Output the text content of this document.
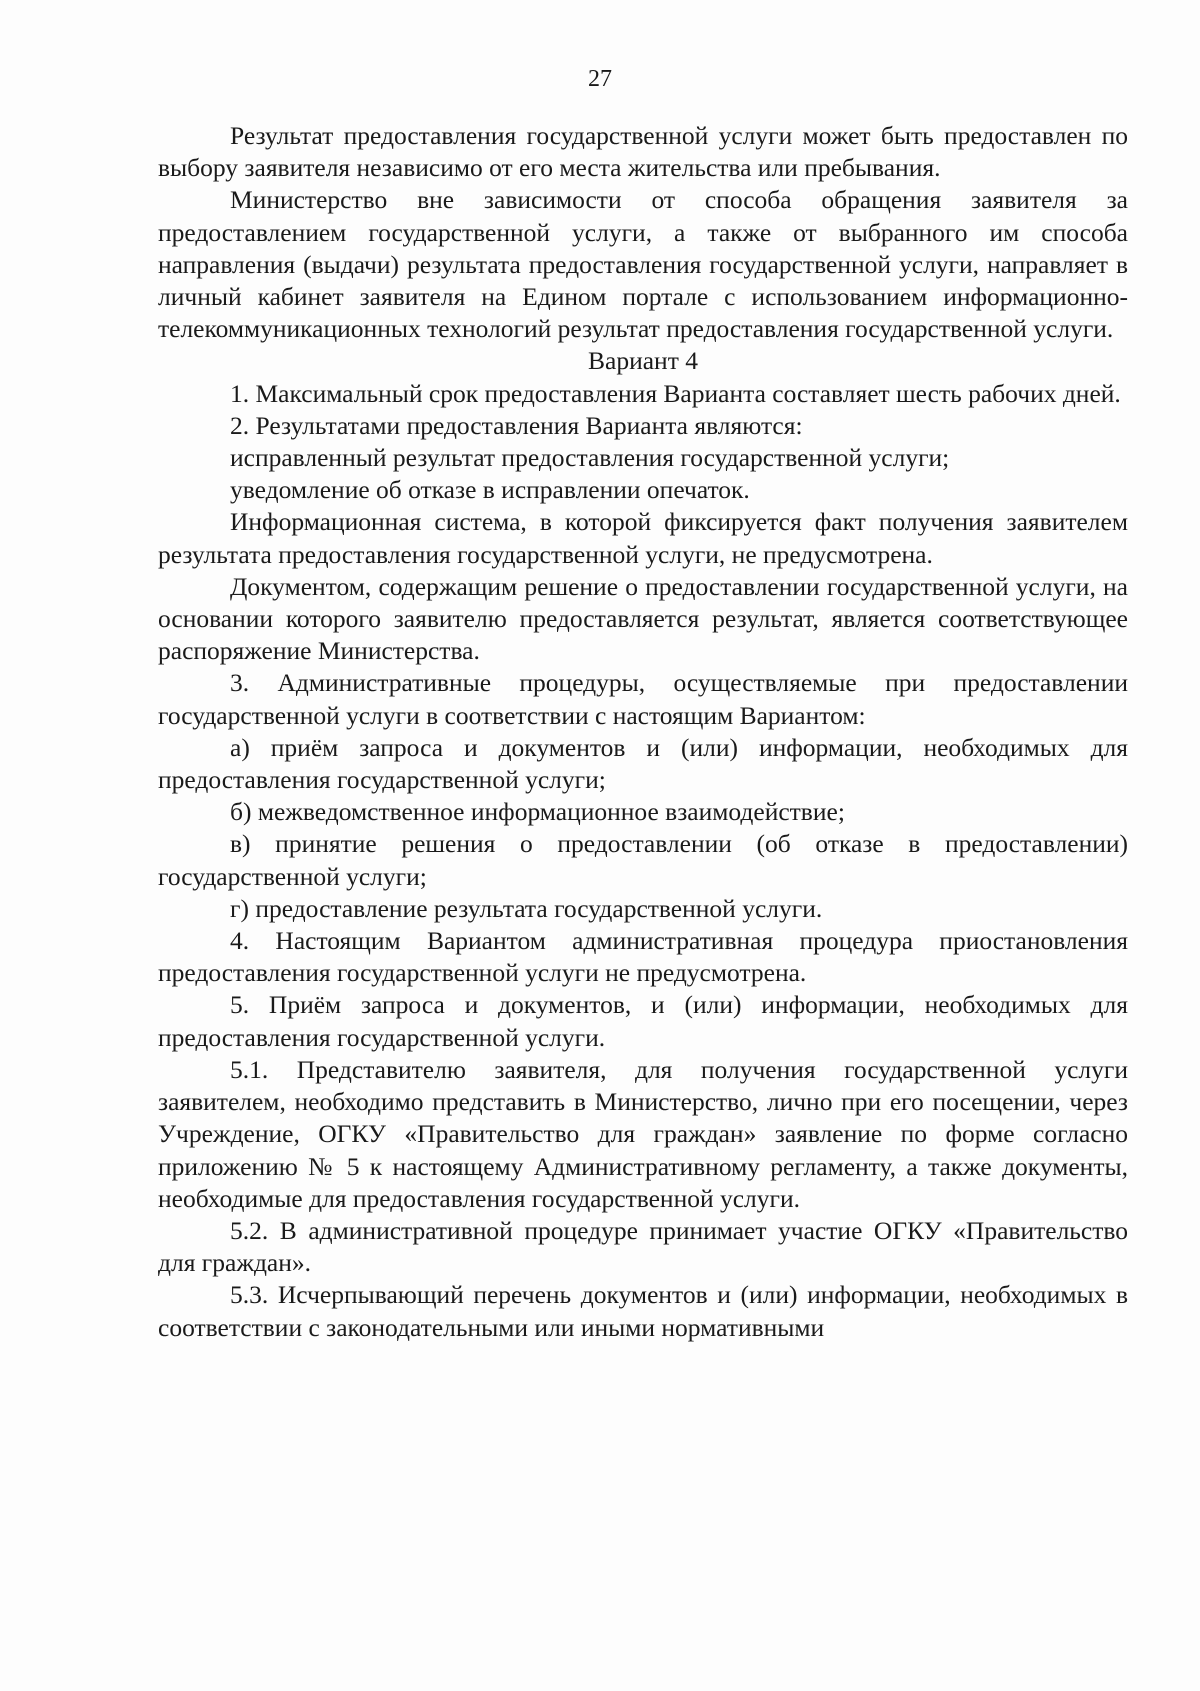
27

Результат предоставления государственной услуги может быть предоставлен по выбору заявителя независимо от его места жительства или пребывания.

Министерство вне зависимости от способа обращения заявителя за предоставлением государственной услуги, а также от выбранного им способа направления (выдачи) результата предоставления государственной услуги, направляет в личный кабинет заявителя на Едином портале с использованием информационно-телекоммуникационных технологий результат предоставления государственной услуги.

Вариант 4

1. Максимальный срок предоставления Варианта составляет шесть рабочих дней.

2. Результатами предоставления Варианта являются:

исправленный результат предоставления государственной услуги;

уведомление об отказе в исправлении опечаток.

Информационная система, в которой фиксируется факт получения заявителем результата предоставления государственной услуги, не предусмотрена.

Документом, содержащим решение о предоставлении государственной услуги, на основании которого заявителю предоставляется результат, является соответствующее распоряжение Министерства.

3. Административные процедуры, осуществляемые при предоставлении государственной услуги в соответствии с настоящим Вариантом:

а) приём запроса и документов и (или) информации, необходимых для предоставления государственной услуги;

б) межведомственное информационное взаимодействие;

в) принятие решения о предоставлении (об отказе в предоставлении) государственной услуги;

г) предоставление результата государственной услуги.

4. Настоящим Вариантом административная процедура приостановления предоставления государственной услуги не предусмотрена.

5. Приём запроса и документов, и (или) информации, необходимых для предоставления государственной услуги.

5.1. Представителю заявителя, для получения государственной услуги заявителем, необходимо представить в Министерство, лично при его посещении, через Учреждение, ОГКУ «Правительство для граждан» заявление по форме согласно приложению № 5 к настоящему Административному регламенту, а также документы, необходимые для предоставления государственной услуги.

5.2. В административной процедуре принимает участие ОГКУ «Правительство для граждан».

5.3. Исчерпывающий перечень документов и (или) информации, необходимых в соответствии с законодательными или иными нормативными
